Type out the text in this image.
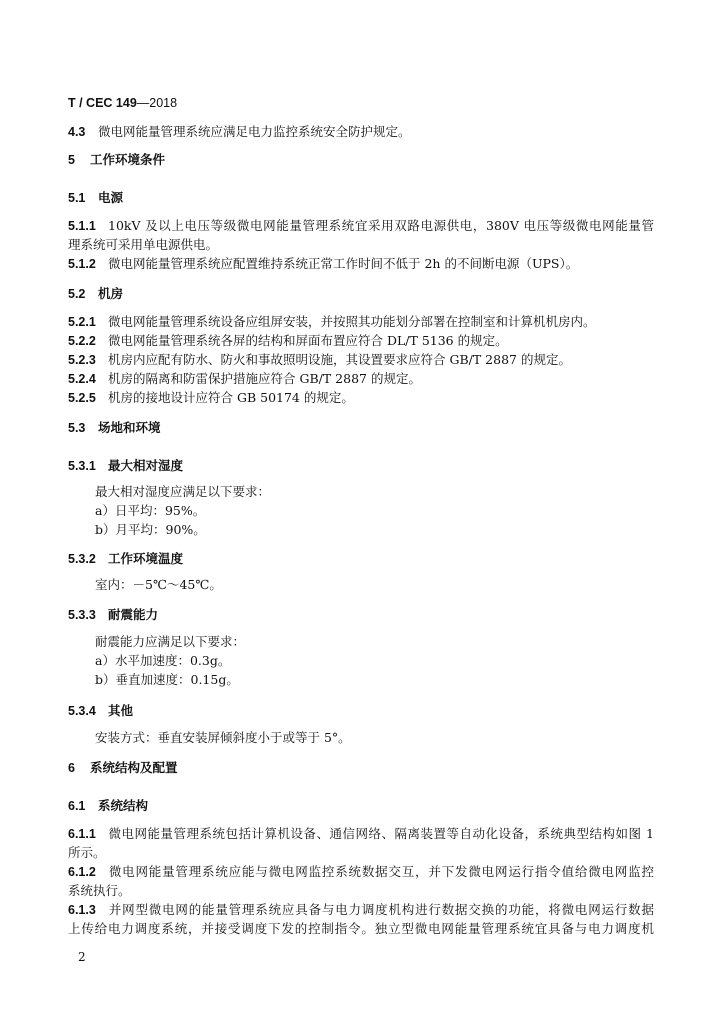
T / CEC 149—2018
4.3 微电网能量管理系统应满足电力监控系统安全防护规定。
5 工作环境条件
5.1 电源
5.1.1 10kV 及以上电压等级微电网能量管理系统宜采用双路电源供电，380V 电压等级微电网能量管
理系统可采用单电源供电。
5.1.2 微电网能量管理系统应配置维持系统正常工作时间不低于 2h 的不间断电源（UPS）。
5.2 机房
5.2.1 微电网能量管理系统设备应组屏安装，并按照其功能划分部署在控制室和计算机机房内。
5.2.2 微电网能量管理系统各屏的结构和屏面布置应符合 DL/T 5136 的规定。
5.2.3 机房内应配有防水、防火和事故照明设施，其设置要求应符合 GB/T 2887 的规定。
5.2.4 机房的隔离和防雷保护措施应符合 GB/T 2887 的规定。
5.2.5 机房的接地设计应符合 GB 50174 的规定。
5.3 场地和环境
5.3.1 最大相对湿度
最大相对湿度应满足以下要求：
a）日平均：95%。
b）月平均：90%。
5.3.2 工作环境温度
室内：－5℃～45℃。
5.3.3 耐震能力
耐震能力应满足以下要求：
a）水平加速度：0.3g。
b）垂直加速度：0.15g。
5.3.4 其他
安装方式：垂直安装屏倾斜度小于或等于 5°。
6 系统结构及配置
6.1 系统结构
6.1.1 微电网能量管理系统包括计算机设备、通信网络、隔离装置等自动化设备，系统典型结构如图 1
所示。
6.1.2 微电网能量管理系统应能与微电网监控系统数据交互，并下发微电网运行指令值给微电网监控
系统执行。
6.1.3 并网型微电网的能量管理系统应具备与电力调度机构进行数据交换的功能，将微电网运行数据
上传给电力调度系统，并接受调度下发的控制指令。独立型微电网能量管理系统宜具备与电力调度机
2
